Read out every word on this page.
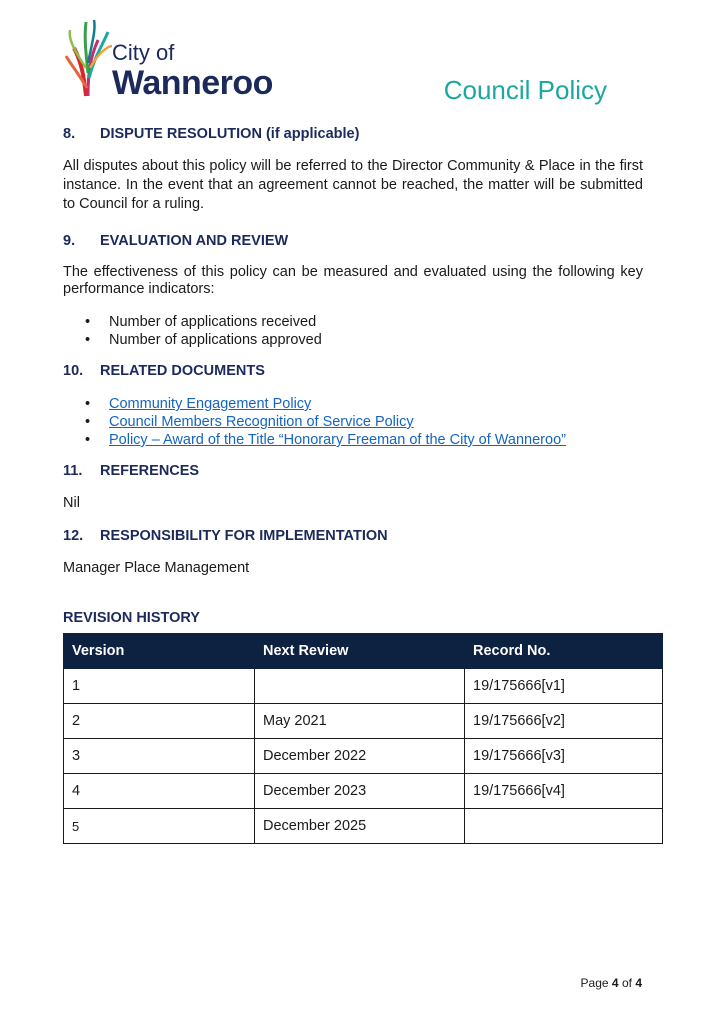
City of
Wanneroo	Council Policy
8.	DISPUTE RESOLUTION (if applicable)

All disputes about this policy will be referred to the Director Community & Place in the first instance. In the event that an agreement cannot be reached, the matter will be submitted to Council for a ruling.

9.	EVALUATION AND REVIEW

The effectiveness of this policy can be measured and evaluated using the following key performance indicators:

• Number of applications received
• Number of applications approved
10.	RELATED DOCUMENTS
• Community Engagement Policy
• Council Members Recognition of Service Policy
• Policy – Award of the Title “Honorary Freeman of the City of Wanneroo”
11.	REFERENCES

Nil

12.	RESPONSIBILITY FOR IMPLEMENTATION

Manager Place Management

REVISION HISTORY
Version	Next Review	Record No.
1		19/175666[v1]
2	May 2021	19/175666[v2]
3	December 2022	19/175666[v3]
4	December 2023	19/175666[v4]
5	December 2025	
Page 4 of 4
